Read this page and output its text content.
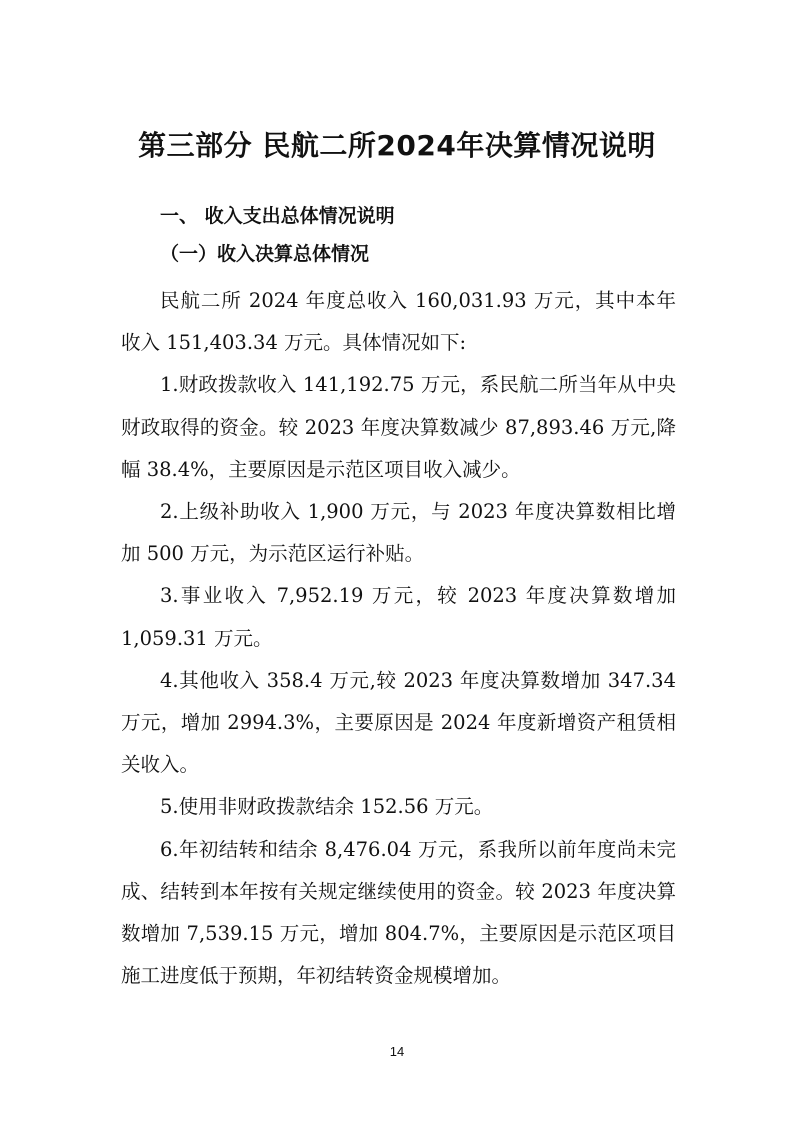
第三部分 民航二所2024年决算情况说明
一、 收入支出总体情况说明
（一）收入决算总体情况

民航二所 2024 年度总收入 160,031.93 万元，其中本年收入 151,403.34 万元。具体情况如下:

1.财政拨款收入 141,192.75 万元，系民航二所当年从中央财政取得的资金。较 2023 年度决算数减少 87,893.46 万元,降幅 38.4%，主要原因是示范区项目收入减少。

2.上级补助收入 1,900 万元，与 2023 年度决算数相比增加 500 万元，为示范区运行补贴。

3.事业收入 7,952.19 万元，较 2023 年度决算数增加 1,059.31 万元。

4.其他收入 358.4 万元,较 2023 年度决算数增加 347.34 万元，增加 2994.3%，主要原因是 2024 年度新增资产租赁相关收入。

5.使用非财政拨款结余 152.56 万元。

6.年初结转和结余 8,476.04 万元，系我所以前年度尚未完成、结转到本年按有关规定继续使用的资金。较 2023 年度决算数增加 7,539.15 万元，增加 804.7%，主要原因是示范区项目施工进度低于预期，年初结转资金规模增加。

14
